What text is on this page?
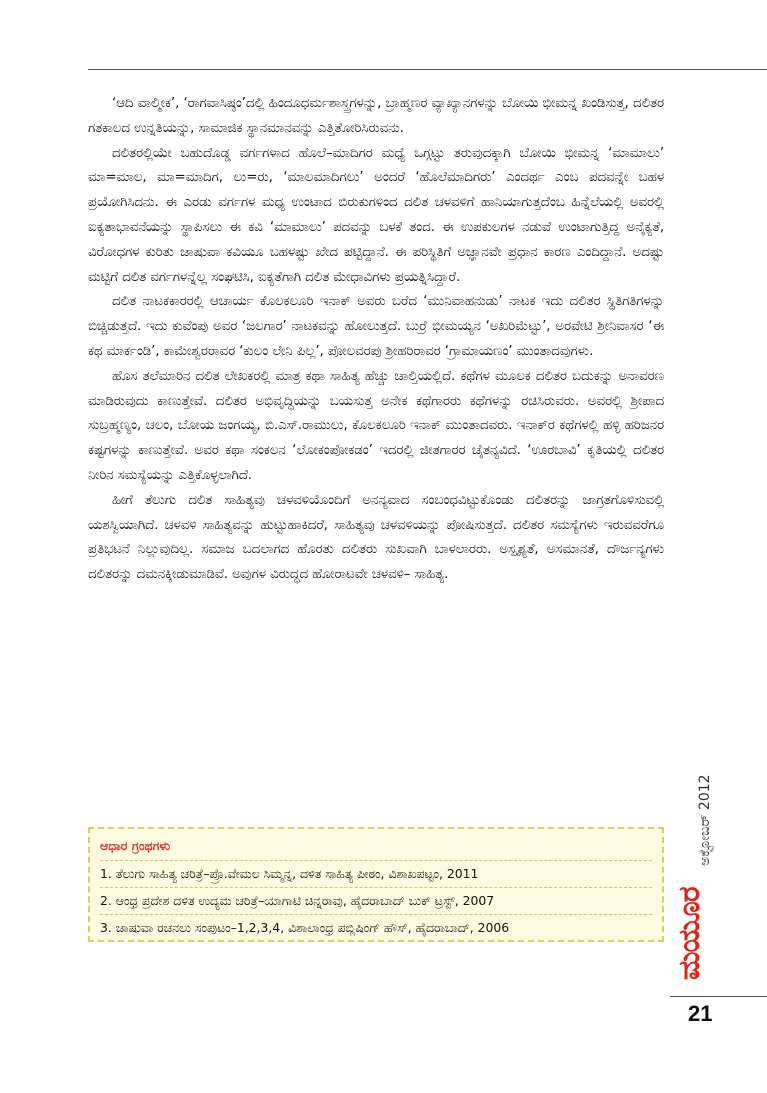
‘ಆದಿ ವಾಲ್ಮೀಕ’, ‘ರಾಗವಾಸಿಷ್ಠಂ’ದಲ್ಲಿ ಹಿಂದೂಧರ್ಮಶಾಸ್ತ್ರಗಳನ್ನು, ಬ್ರಾಹ್ಮಣರ ವ್ಯಾಖ್ಯಾನಗಳನ್ನು ಬೋಯಿ ಭೀಮನ್ನ ಖಂಡಿಸುತ್ತ, ದಲಿತರ ಗತಕಾಲದ ಉನ್ನತಿಯನ್ನು, ಸಾಮಾಜಿಕ ಸ್ಥಾನಮಾನವನ್ನು ಎತ್ತಿತೋರಿಸಿರುವನು.

ದಲಿತರಲ್ಲಿಯೇ ಬಹುದೊಡ್ಡ ವರ್ಗಗಳಾದ ಹೊಲೆ–ಮಾದಿಗರ ಮಧ್ಯೆ ಒಗ್ಗಟ್ಟು ತರುವುದಕ್ಕಾಗಿ ಬೋಯಿ ಭೀಮನ್ನ ‘ಮಾಮಾಲು’ ಮಾ=ಮಾಲ, ಮಾ=ಮಾದಿಗ, ಲು=ರು, ‘ಮಾಲಮಾದಿಗಲು’ ಅಂದರೆ ‘ಹೊಲೆಮಾದಿಗರು’ ಎಂದರ್ಥ ಎಂಬ ಪದವನ್ನೇ ಬಹಳ ಪ್ರಯೋಗಿಸಿದನು. ಈ ಎರಡು ವರ್ಗಗಳ ಮಧ್ಯ ಉಂಟಾದ ಬಿರುಕುಗಳಿಂದ ದಲಿತ ಚಳವಳಿಗೆ ಹಾನಿಯಾಗುತ್ತದೆಂಬ ಹಿನ್ನೆಲೆಯಲ್ಲಿ ಅವರಲ್ಲಿ ಐಕ್ಯತಾಭಾವನೆಯನ್ನು ಸ್ಥಾಪಿಸಲು ಈ ಕವಿ ‘ಮಾಮಾಲು’ ಪದವನ್ನು ಬಳಕೆ ತಂದ. ಈ ಉಪಕುಲಗಳ ನಡುವೆ ಉಂಟಾಗುತ್ತಿದ್ದ ಅನೈಕ್ಯತೆ, ವಿರೋಧಗಳ ಕುರಿತು ಜಾಷುವಾ ಕವಿಯೂ ಬಹಳಷ್ಟು ಖೇದ ಪಟ್ಟಿದ್ದಾನೆ. ಈ ಪರಿಸ್ಥಿತಿಗೆ ಅಜ್ಞಾನವೇ ಪ್ರಧಾನ ಕಾರಣ ಎಂದಿದ್ದಾನೆ. ಅದಷ್ಟು ಮಟ್ಟಿಗೆ ದಲಿತ ವರ್ಗಗಳನ್ನೆಲ್ಲ ಸಂಘಟಿಸಿ, ಐಕ್ಯತೆಗಾಗಿ ದಲಿತ ಮೇಧಾವಿಗಳು ಪ್ರಯತ್ನಿಸಿದ್ದಾರೆ.

ದಲಿತ ನಾಟಕಕಾರರಲ್ಲಿ ಆಚಾರ್ಯ ಕೊಲಕಲೂರಿ ಇನಾಕ್ ಅವರು ಬರೆದ ‘ಮುನಿವಾಹನುಡು’ ನಾಟಕ ಇದು ದಲಿತರ ಸ್ಥಿತಿಗತಿಗಳನ್ನು ಬಿಚ್ಚಿಡುತ್ತದೆ. ಇದು ಕುವೆಂಪು ಅವರ ‘ಜಲಗಾರ’ ನಾಟಕವನ್ನು ಹೋಲುತ್ತದೆ. ಬುರ್ರೆ ಭೀಮಯ್ಯನ ‘ಅಖರಿಮೆಟ್ಟು’, ಅರವೇಟಿ ಶ್ರೀನಿವಾಸರ ‘ಈ ಕಥ ಮಾರ್ಕಂಡಿ’, ಕಾಮೇಶ್ವರರಾವರ ‘ಕುಲಂ ಲೇನಿ ಪಿಲ್ಲ’, ಪೋಲವರಪು ಶ್ರೀಹರಿರಾವರ ‘ಗ್ರಾಮಾಯಣಂ’ ಮುಂತಾದವುಗಳು.

ಹೊಸ ತಲೆಮಾರಿನ ದಲಿತ ಲೇಖಕರಲ್ಲಿ ಮಾತ್ರ ಕಥಾ ಸಾಹಿತ್ಯ ಹೆಚ್ಚು ಚಾಲ್ತಿಯಲ್ಲಿದೆ. ಕಥೆಗಳ ಮೂಲಕ ದಲಿತರ ಬದುಕನ್ನು ಅನಾವರಣ ಮಾಡಿರುವುದು ಕಾಣುತ್ತೇವೆ. ದಲಿತರ ಅಭಿವೃದ್ಧಿಯನ್ನು ಬಯಸುತ್ತ ಅನೇಕ ಕಥೆಗಾರರು ಕಥೆಗಳನ್ನು ರಚಿಸಿರುವರು. ಅವರಲ್ಲಿ ಶ್ರೀಪಾದ ಸುಬ್ರಹ್ಮಣ್ಯಂ, ಚಲಂ, ಬೋಯ ಜಂಗಯ್ಯ, ಬಿ.ಎಸ್.ರಾಮುಲು, ಕೊಲಕಲೂರಿ ಇನಾಕ್ ಮುಂತಾದವರು. ಇನಾಕ್‌ರ ಕಥೆಗಳಲ್ಲಿ ಹಳ್ಳಿ ಹರಿಜನರ ಕಷ್ಟಗಳನ್ನು ಕಾಣುತ್ತೇವೆ. ಅವರ ಕಥಾ ಸಂಕಲನ ‘ಲೋಕಂಪೋಕಡಂ’ ಇದರಲ್ಲಿ ಜೀತಗಾರರ ಚೈತನ್ಯವಿದೆ. ‘ಊರಬಾವಿ’ ಕೃತಿಯಲ್ಲಿ ದಲಿತರ ನೀರಿನ ಸಮಸ್ಯೆಯನ್ನು ಎತ್ತಿಕೊಳ್ಳಲಾಗಿದೆ.

ಹೀಗೆ ತೆಲುಗು ದಲಿತ ಸಾಹಿತ್ಯವು ಚಳವಳಿಯೊಂದಿಗೆ ಅನನ್ಯವಾದ ಸಂಬಂಧವಿಟ್ಟುಕೊಂಡು ದಲಿತರನ್ನು ಜಾಗ್ರತಗೊಳಿಸುವಲ್ಲಿ ಯಶಸ್ವಿಯಾಗಿದೆ. ಚಳವಳಿ ಸಾಹಿತ್ಯವನ್ನು ಹುಟ್ಟುಹಾಕಿದರೆ, ಸಾಹಿತ್ಯವು ಚಳವಳಿಯನ್ನು ಪೋಷಿಸುತ್ತದೆ. ದಲಿತರ ಸಮಸ್ಯೆಗಳು ಇರುವವರೆಗೂ ಪ್ರತಿಭಟನೆ ನಿಲ್ಲುವುದಿಲ್ಲ. ಸಮಾಜ ಬದಲಾಗದ ಹೊರತು ದಲಿತರು ಸುಖವಾಗಿ ಬಾಳಲಾರರು. ಅಸ್ಪೃಶ್ಯತೆ, ಅಸಮಾನತೆ, ದೌರ್ಜನ್ಯಗಳು ದಲಿತರನ್ನು ದಮನಕ್ಕೀಡುಮಾಡಿವೆ. ಅವುಗಳ ವಿರುದ್ಧದ ಹೋರಾಟವೇ ಚಳವಳಿ– ಸಾಹಿತ್ಯ.

ಆಧಾರ ಗ್ರಂಥಗಳು
1. ತೆಲುಗು ಸಾಹಿತ್ಯ ಚರಿತ್ರೆ–ಪ್ರೊ.ವೇಮಲ ಸಿಮ್ಮನ್ನ, ದಳಿತ ಸಾಹಿತ್ಯ ಪೀಠಂ, ವಿಶಾಖಪಟ್ಟಂ, 2011
2. ಆಂಧ್ರ ಪ್ರದೇಶ ದಳಿತ ಉದ್ಯಮ ಚರಿತ್ರೆ–ಯಾಗಾಟಿ ಚಿನ್ನರಾವು, ಹೈದರಾಬಾದ್ ಬುಕ್ ಟ್ರಸ್ಟ್, 2007
3. ಜಾಷುವಾ ರಚನಲು ಸಂಪುಟಂ–1,2,3,4, ವಿಶಾಲಾಂಧ್ರ ಪಬ್ಲಿಷಿಂಗ್ ಹೌಸ್, ಹೈದರಾಬಾದ್, 2006	ಮಯೂರ
ಅಕ್ಟೋಬರ್ 2012
21
